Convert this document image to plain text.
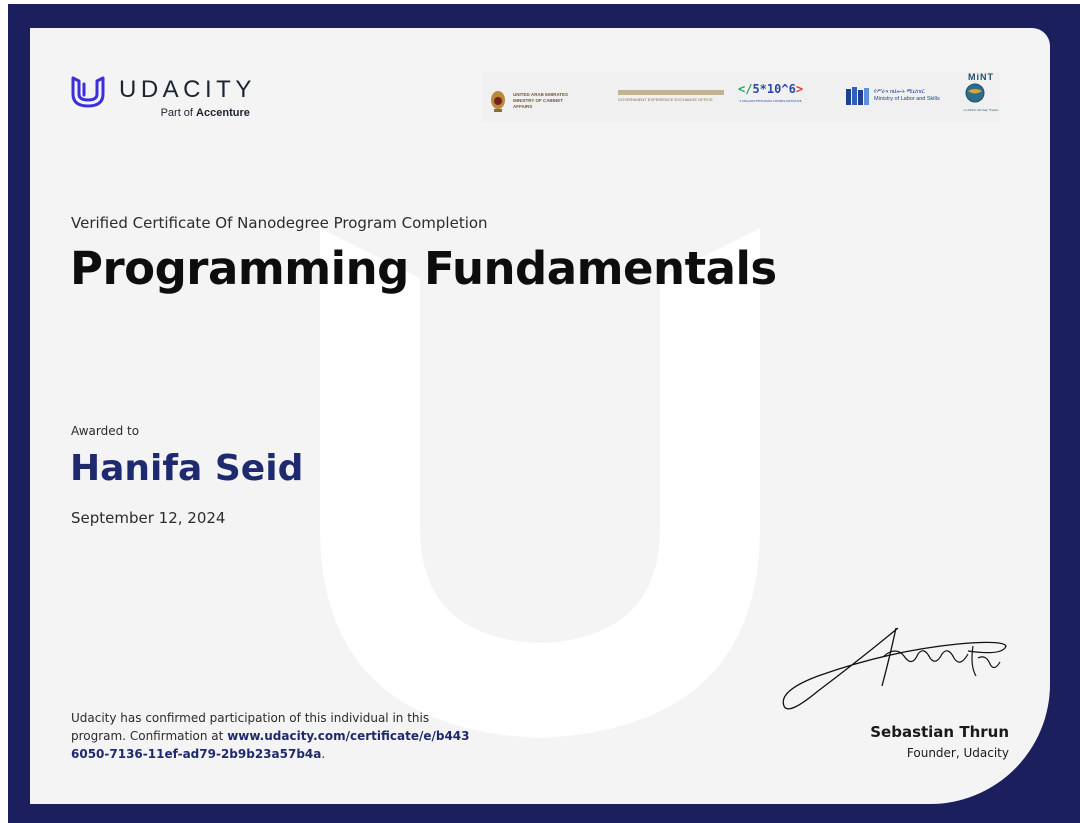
UDACITY
Part of Accenture
UNITED ARAB EMIRATES MINISTRY OF CABINET AFFAIRS
GOVERNMENT EXPERIENCE EXCHANGE OFFICE
</5*10^6>
5 MILLION ETHIOPIAN CODERS INITIATIVE
የሥራና ክህሎት ሚኒስቴር
Ministry of Labor and Skills
MiNT
የኢኖቬሽንና ቴክኖሎጂ ሚኒስቴር
Verified Certificate Of Nanodegree Program Completion
Programming Fundamentals
Awarded to
Hanifa Seid
September 12, 2024
Udacity has confirmed participation of this individual in this program. Confirmation at www.udacity.com/certificate/e/b4436050-7136-11ef-ad79-2b9b23a57b4a.
Sebastian Thrun
Founder, Udacity
